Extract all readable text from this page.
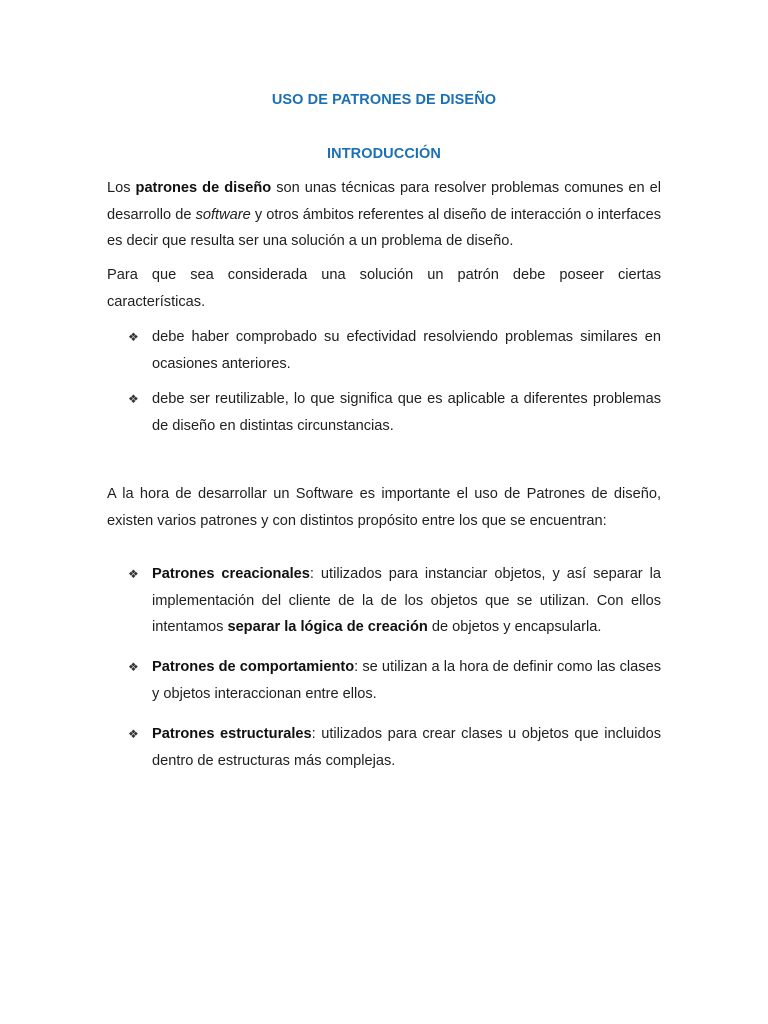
USO DE PATRONES DE DISEÑO
INTRODUCCIÓN
Los patrones de diseño son unas técnicas para resolver problemas comunes en el desarrollo de software y otros ámbitos referentes al diseño de interacción o interfaces es decir que resulta ser una solución a un problema de diseño.
Para que sea considerada una solución un patrón debe poseer ciertas características.
❖ debe haber comprobado su efectividad resolviendo problemas similares en ocasiones anteriores.
❖ debe ser reutilizable, lo que significa que es aplicable a diferentes problemas de diseño en distintas circunstancias.
A la hora de desarrollar un Software es importante el uso de Patrones de diseño, existen varios patrones y con distintos propósito entre los que se encuentran:
❖ Patrones creacionales: utilizados para instanciar objetos, y así separar la implementación del cliente de la de los objetos que se utilizan. Con ellos intentamos separar la lógica de creación de objetos y encapsularla.
❖ Patrones de comportamiento: se utilizan a la hora de definir como las clases y objetos interaccionan entre ellos.
❖ Patrones estructurales: utilizados para crear clases u objetos que incluidos dentro de estructuras más complejas.
